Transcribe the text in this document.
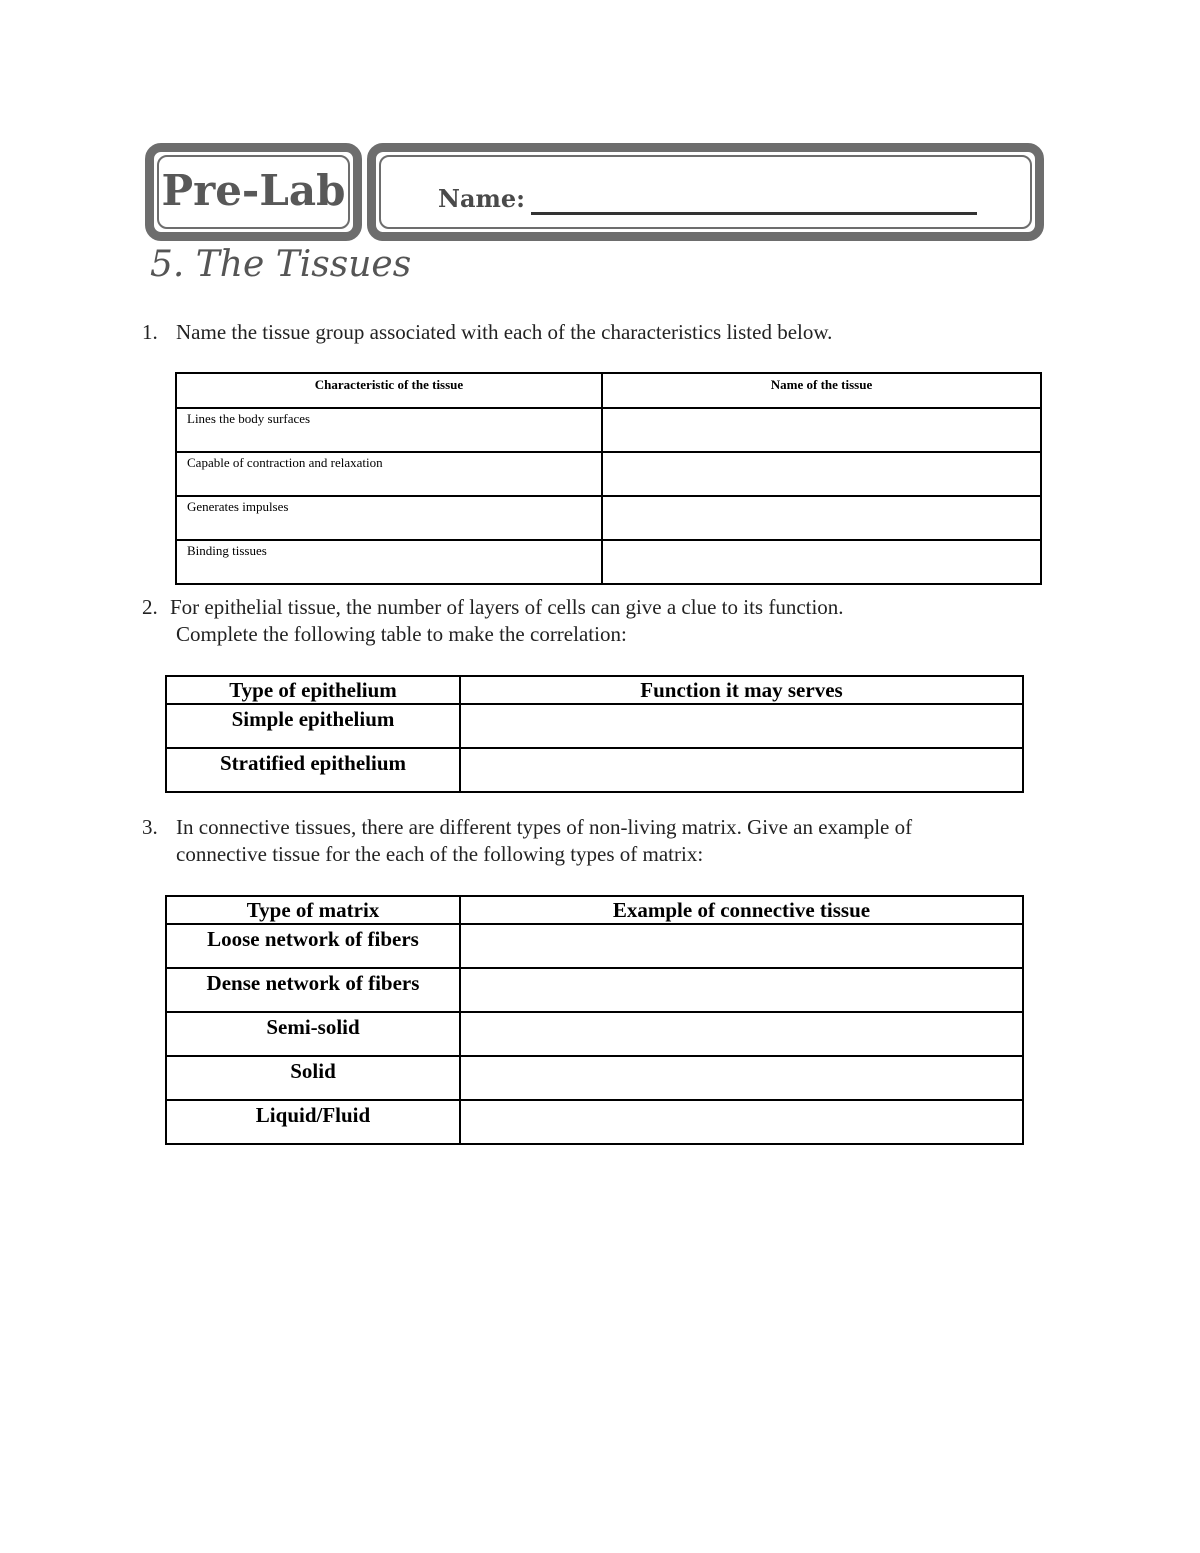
Pre-Lab	Name:
5. The Tissues
1. Name the tissue group associated with each of the characteristics listed below.
Characteristic of the tissue	Name of the tissue
Lines the body surfaces	
Capable of contraction and relaxation	
Generates impulses	
Binding tissues	
2. For epithelial tissue, the number of layers of cells can give a clue to its function.
Complete the following table to make the correlation:
Type of epithelium	Function it may serves
Simple epithelium	
Stratified epithelium	
3. In connective tissues, there are different types of non-living matrix. Give an example of
connective tissue for the each of the following types of matrix:
Type of matrix	Example of connective tissue
Loose network of fibers	
Dense network of fibers	
Semi-solid	
Solid	
Liquid/Fluid	
